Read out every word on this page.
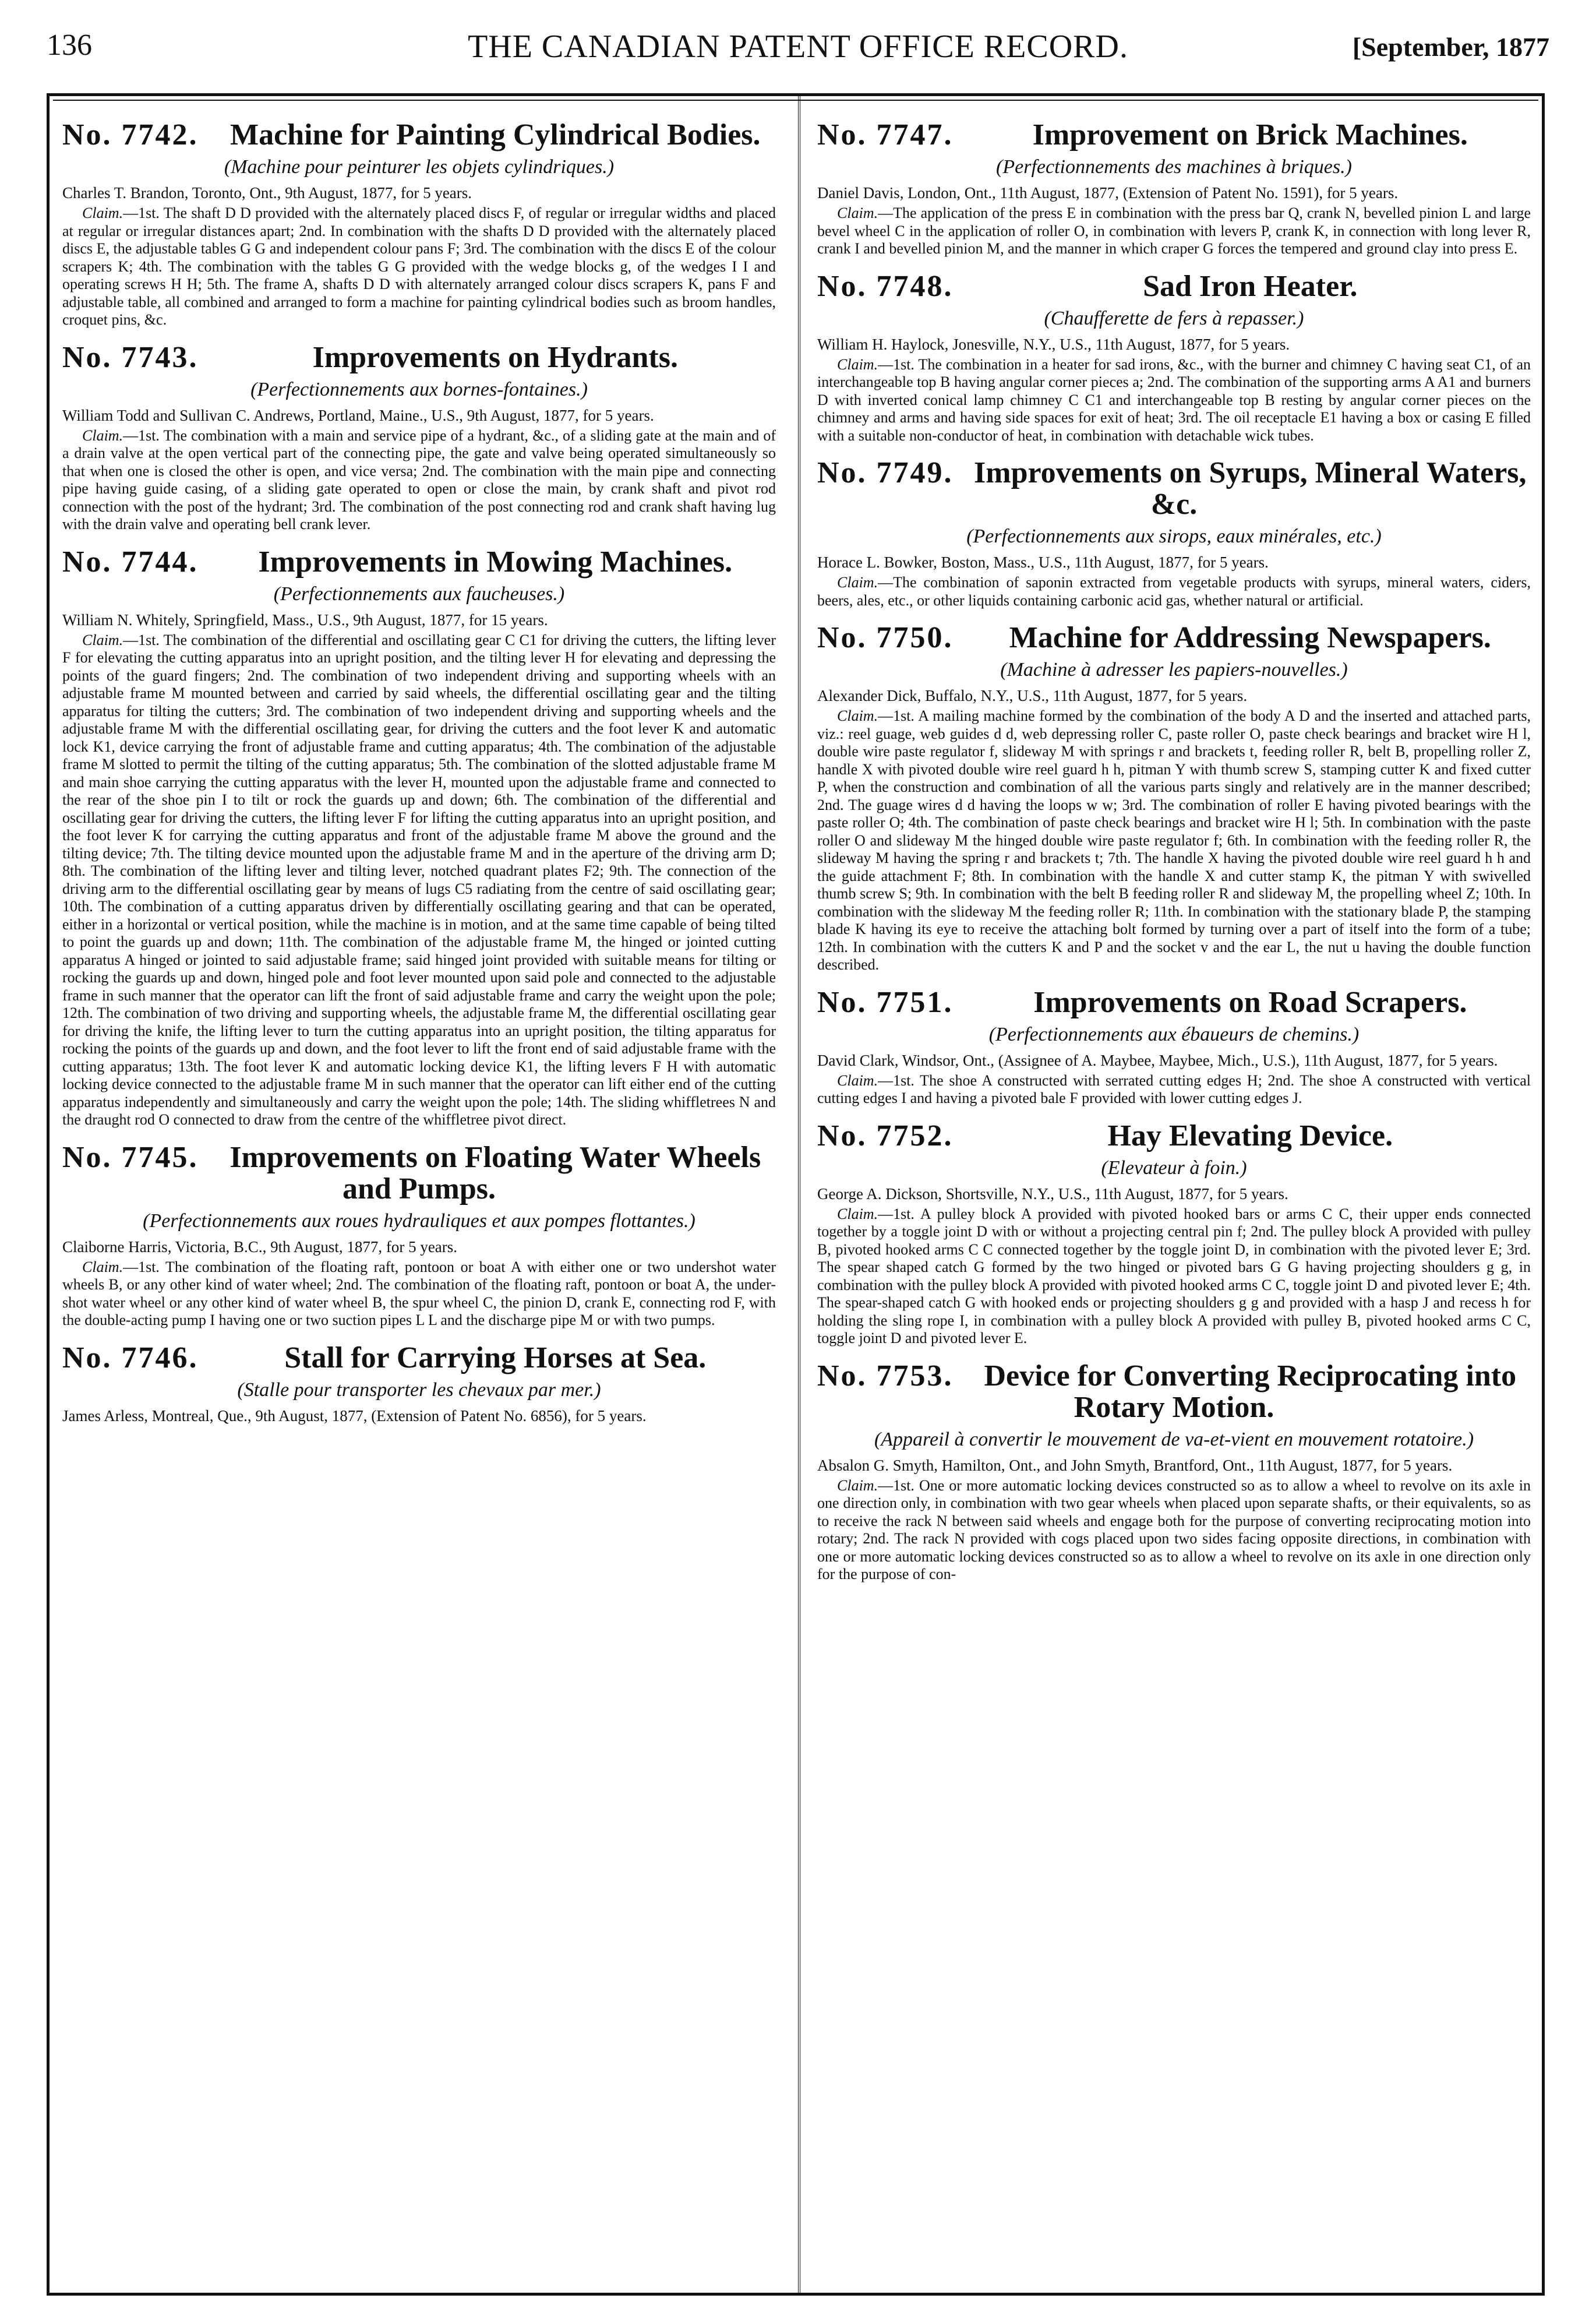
136	THE CANADIAN PATENT OFFICE RECORD.	[September, 1877
No. 7742. Machine for Painting Cylindrical Bodies.

(Machine pour peinturer les objets cylindriques.)

Charles T. Brandon, Toronto, Ont., 9th August, 1877, for 5 years.

Claim.—1st. The shaft D D provided with the alternately placed discs F, of regular or irregular widths and placed at regular or irregular distances apart; 2nd. In combination with the shafts D D provided with the alternately placed discs E, the adjustable tables G G and independent colour pans F; 3rd. The combination with the discs E of the colour scrapers K; 4th. The combination with the tables G G provided with the wedge blocks g, of the wedges I I and operating screws H H; 5th. The frame A, shafts D D with alternately arranged colour discs scrapers K, pans F and adjustable table, all combined and arranged to form a machine for painting cylindrical bodies such as broom handles, croquet pins, &c.

No. 7743.	Improvements on Hydrants.

(Perfectionnements aux bornes-fontaines.)

William Todd and Sullivan C. Andrews, Portland, Maine., U.S., 9th August, 1877, for 5 years.

Claim.—1st. The combination with a main and service pipe of a hydrant, &c., of a sliding gate at the main and of a drain valve at the open vertical part of the connecting pipe, the gate and valve being operated simultaneously so that when one is closed the other is open, and vice versa; 2nd. The combination with the main pipe and connecting pipe having guide casing, of a sliding gate operated to open or close the main, by crank shaft and pivot rod connection with the post of the hydrant; 3rd. The combination of the post connecting rod and crank shaft having lug with the drain valve and operating bell crank lever.

No. 7744. Improvements in Mowing Machines.

(Perfectionnements aux faucheuses.)

William N. Whitely, Springfield, Mass., U.S., 9th August, 1877, for 15 years.

Claim.—1st. The combination of the differential and oscillating gear C C1 for driving the cutters, the lifting lever F for elevating the cutting apparatus into an upright position, and the tilting lever H for elevating and depressing the points of the guard fingers; 2nd. The combination of two independent driving and supporting wheels with an adjustable frame M mounted between and carried by said wheels, the differential oscillating gear and the tilting apparatus for tilting the cutters; 3rd. The combination of two independent driving and supporting wheels and the adjustable frame M with the differential oscillating gear, for driving the cutters and the foot lever K and automatic lock K1, device carrying the front of adjustable frame and cutting apparatus; 4th. The combination of the adjustable frame M slotted to permit the tilting of the cutting apparatus; 5th. The combination of the slotted adjustable frame M and main shoe carrying the cutting apparatus with the lever H, mounted upon the adjustable frame and connected to the rear of the shoe pin I to tilt or rock the guards up and down; 6th. The combination of the differential and oscillating gear for driving the cutters, the lifting lever F for lifting the cutting apparatus into an upright position, and the foot lever K for carrying the cutting apparatus and front of the adjustable frame M above the ground and the tilting device; 7th. The tilting device mounted upon the adjustable frame M and in the aperture of the driving arm D; 8th. The combination of the lifting lever and tilting lever, notched quadrant plates F2; 9th. The connection of the driving arm to the differential oscillating gear by means of lugs C5 radiating from the centre of said oscillating gear; 10th. The combination of a cutting apparatus driven by differentially oscillating gearing and that can be operated, either in a horizontal or vertical position, while the machine is in motion, and at the same time capable of being tilted to point the guards up and down; 11th. The combination of the adjustable frame M, the hinged or jointed cutting apparatus A hinged or jointed to said adjustable frame; said hinged joint provided with suitable means for tilting or rocking the guards up and down, hinged pole and foot lever mounted upon said pole and connected to the adjustable frame in such manner that the operator can lift the front of said adjustable frame and carry the weight upon the pole; 12th. The combination of two driving and supporting wheels, the adjustable frame M, the differential oscillating gear for driving the knife, the lifting lever to turn the cutting apparatus into an upright position, the tilting apparatus for rocking the points of the guards up and down, and the foot lever to lift the front end of said adjustable frame with the cutting apparatus; 13th. The foot lever K and automatic locking device K1, the lifting levers F H with automatic locking device connected to the adjustable frame M in such manner that the operator can lift either end of the cutting apparatus independently and simultaneously and carry the weight upon the pole; 14th. The sliding whiffletrees N and the draught rod O connected to draw from the centre of the whiffletree pivot direct.

No. 7745. Improvements on Floating Water Wheels and Pumps.

(Perfectionnements aux roues hydrauliques et aux pompes flottantes.)

Claiborne Harris, Victoria, B.C., 9th August, 1877, for 5 years.

Claim.—1st. The combination of the floating raft, pontoon or boat A with either one or two undershot water wheels B, or any other kind of water wheel; 2nd. The combination of the floating raft, pontoon or boat A, the under-shot water wheel or any other kind of water wheel B, the spur wheel C, the pinion D, crank E, connecting rod F, with the double-acting pump I having one or two suction pipes L L and the discharge pipe M or with two pumps.

No. 7746.	Stall for Carrying Horses at Sea.

(Stalle pour transporter les chevaux par mer.)

James Arless, Montreal, Que., 9th August, 1877, (Extension of Patent No. 6856), for 5 years.

No. 7747.	Improvement on Brick Machines.

(Perfectionnements des machines à briques.)

Daniel Davis, London, Ont., 11th August, 1877, (Extension of Patent No. 1591), for 5 years.

Claim.—The application of the press E in combination with the press bar Q, crank N, bevelled pinion L and large bevel wheel C in the application of roller O, in combination with levers P, crank K, in connection with long lever R, crank I and bevelled pinion M, and the manner in which craper G forces the tempered and ground clay into press E.

No. 7748.	Sad Iron Heater.

(Chaufferette de fers à repasser.)

William H. Haylock, Jonesville, N.Y., U.S., 11th August, 1877, for 5 years.

Claim.—1st. The combination in a heater for sad irons, &c., with the burner and chimney C having seat C1, of an interchangeable top B having angular corner pieces a; 2nd. The combination of the supporting arms A A1 and burners D with inverted conical lamp chimney C C1 and interchangeable top B resting by angular corner pieces on the chimney and arms and having side spaces for exit of heat; 3rd. The oil receptacle E1 having a box or casing E filled with a suitable non-conductor of heat, in combination with detachable wick tubes.

No. 7749. Improvements on Syrups, Mineral Waters, &c.

(Perfectionnements aux sirops, eaux minérales, etc.)

Horace L. Bowker, Boston, Mass., U.S., 11th August, 1877, for 5 years.

Claim.—The combination of saponin extracted from vegetable products with syrups, mineral waters, ciders, beers, ales, etc., or other liquids containing carbonic acid gas, whether natural or artificial.

No. 7750. Machine for Addressing Newspapers.

(Machine à adresser les papiers-nouvelles.)

Alexander Dick, Buffalo, N.Y., U.S., 11th August, 1877, for 5 years.

Claim.—1st. A mailing machine formed by the combination of the body A D and the inserted and attached parts, viz.: reel guage, web guides d d, web depressing roller C, paste roller O, paste check bearings and bracket wire H l, double wire paste regulator f, slideway M with springs r and brackets t, feeding roller R, belt B, propelling roller Z, handle X with pivoted double wire reel guard h h, pitman Y with thumb screw S, stamping cutter K and fixed cutter P, when the construction and combination of all the various parts singly and relatively are in the manner described; 2nd. The guage wires d d having the loops w w; 3rd. The combination of roller E having pivoted bearings with the paste roller O; 4th. The combination of paste check bearings and bracket wire H l; 5th. In combination with the paste roller O and slideway M the hinged double wire paste regulator f; 6th. In combination with the feeding roller R, the slideway M having the spring r and brackets t; 7th. The handle X having the pivoted double wire reel guard h h and the guide attachment F; 8th. In combination with the handle X and cutter stamp K, the pitman Y with swivelled thumb screw S; 9th. In combination with the belt B feeding roller R and slideway M, the propelling wheel Z; 10th. In combination with the slideway M the feeding roller R; 11th. In combination with the stationary blade P, the stamping blade K having its eye to receive the attaching bolt formed by turning over a part of itself into the form of a tube; 12th. In combination with the cutters K and P and the socket v and the ear L, the nut u having the double function described.

No. 7751.	Improvements on Road Scrapers.

(Perfectionnements aux ébaueurs de chemins.)

David Clark, Windsor, Ont., (Assignee of A. Maybee, Maybee, Mich., U.S.), 11th August, 1877, for 5 years.

Claim.—1st. The shoe A constructed with serrated cutting edges H; 2nd. The shoe A constructed with vertical cutting edges I and having a pivoted bale F provided with lower cutting edges J.

No. 7752.	Hay Elevating Device.

(Elevateur à foin.)

George A. Dickson, Shortsville, N.Y., U.S., 11th August, 1877, for 5 years.

Claim.—1st. A pulley block A provided with pivoted hooked bars or arms C C, their upper ends connected together by a toggle joint D with or without a projecting central pin f; 2nd. The pulley block A provided with pulley B, pivoted hooked arms C C connected together by the toggle joint D, in combination with the pivoted lever E; 3rd. The spear shaped catch G formed by the two hinged or pivoted bars G G having projecting shoulders g g, in combination with the pulley block A provided with pivoted hooked arms C C, toggle joint D and pivoted lever E; 4th. The spear-shaped catch G with hooked ends or projecting shoulders g g and provided with a hasp J and recess h for holding the sling rope I, in combination with a pulley block A provided with pulley B, pivoted hooked arms C C, toggle joint D and pivoted lever E.

No. 7753. Device for Converting Reciprocating into Rotary Motion.

(Appareil à convertir le mouvement de va-et-vient en mouvement rotatoire.)

Absalon G. Smyth, Hamilton, Ont., and John Smyth, Brantford, Ont., 11th August, 1877, for 5 years.

Claim.—1st. One or more automatic locking devices constructed so as to allow a wheel to revolve on its axle in one direction only, in combination with two gear wheels when placed upon separate shafts, or their equivalents, so as to receive the rack N between said wheels and engage both for the purpose of converting reciprocating motion into rotary; 2nd. The rack N provided with cogs placed upon two sides facing opposite directions, in combination with one or more automatic locking devices constructed so as to allow a wheel to revolve on its axle in one direction only for the purpose of con-
